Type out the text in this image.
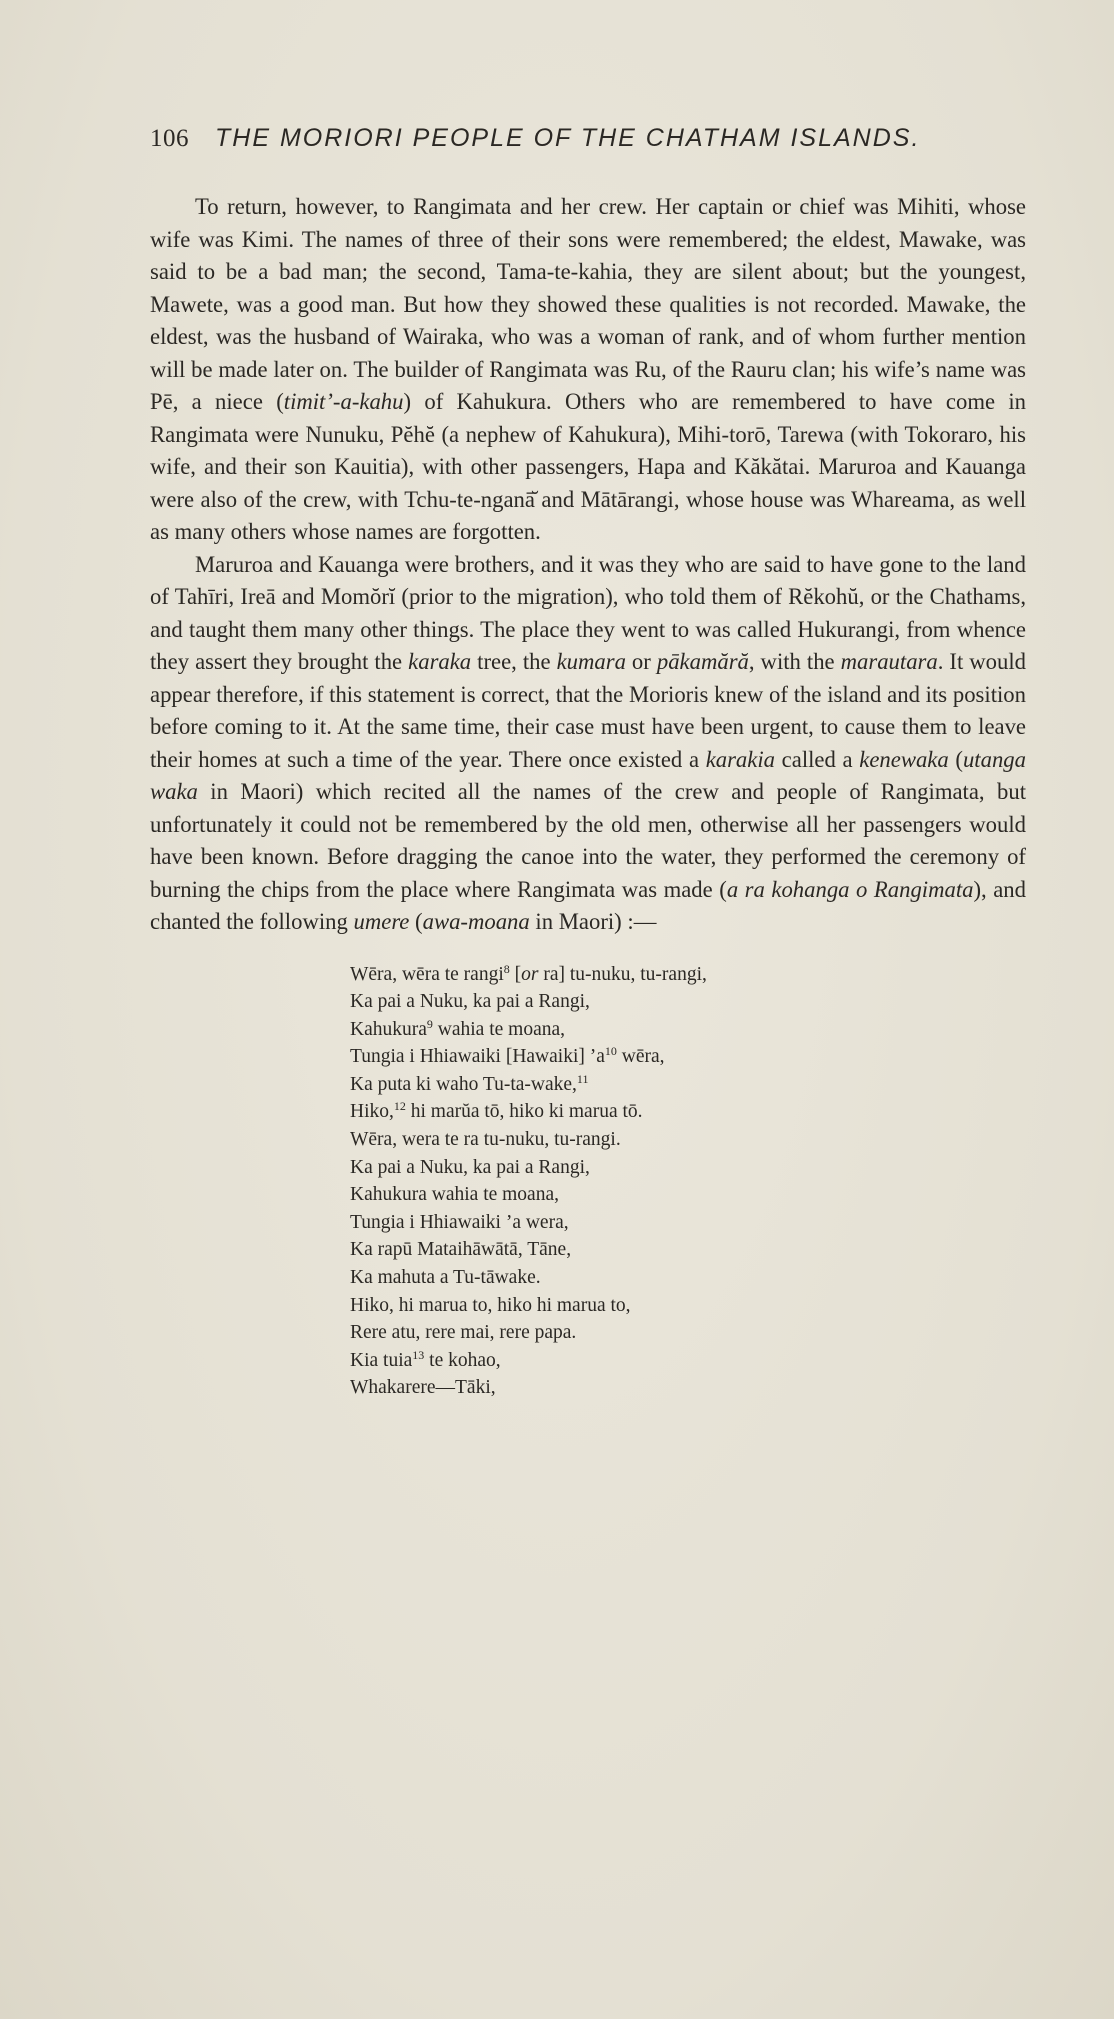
106 THE MORIORI PEOPLE OF THE CHATHAM ISLANDS.

To return, however, to Rangimata and her crew. Her captain or chief was Mihiti, whose wife was Kimi. The names of three of their sons were remembered; the eldest, Mawake, was said to be a bad man; the second, Tama-te-kahia, they are silent about; but the youngest, Mawete, was a good man. But how they showed these qualities is not recorded. Mawake, the eldest, was the husband of Wairaka, who was a woman of rank, and of whom further mention will be made later on. The builder of Rangimata was Ru, of the Rauru clan; his wife’s name was Pē, a niece (timit’-a-kahu) of Kahukura. Others who are remembered to have come in Rangimata were Nunuku, Pĕhĕ (a nephew of Kahukura), Mihi-torō, Tarewa (with Tokoraro, his wife, and their son Kauitia), with other passengers, Hapa and Kăkătai. Maruroa and Kauanga were also of the crew, with Tchu-te-nganā̆ and Mātārangi, whose house was Whareama, as well as many others whose names are forgotten.

Maruroa and Kauanga were brothers, and it was they who are said to have gone to the land of Tahīri, Ireā and Momŏrĭ (prior to the migration), who told them of Rĕkohŭ, or the Chathams, and taught them many other things. The place they went to was called Hukurangi, from whence they assert they brought the karaka tree, the kumara or pākamără, with the marautara. It would appear therefore, if this statement is correct, that the Morioris knew of the island and its position before coming to it. At the same time, their case must have been urgent, to cause them to leave their homes at such a time of the year. There once existed a karakia called a kenewaka (utanga waka in Maori) which recited all the names of the crew and people of Rangimata, but unfortunately it could not be remembered by the old men, otherwise all her passengers would have been known. Before dragging the canoe into the water, they performed the ceremony of burning the chips from the place where Rangimata was made (a ra kohanga o Rangimata), and chanted the following umere (awa-moana in Maori) :—

Wēra, wēra te rangi$^8$ [or ra] tu-nuku, tu-rangi,
Ka pai a Nuku, ka pai a Rangi,
Kahukura$^9$ wahia te moana,
Tungia i Hhiawaiki [Hawaiki] $’a^{10}$ wēra,
Ka puta ki waho Tu-ta-wake,$^{11}$
Hiko,$^{12}$ hi marŭa tō, hiko ki marua tō.
Wēra, wera te ra tu-nuku, tu-rangi.
Ka pai a Nuku, ka pai a Rangi,
Kahukura wahia te moana,
Tungia i Hhiawaiki ’a wera,
Ka rapū Mataihāwātā, Tāne,
Ka mahuta a Tu-tāwake.
Hiko, hi marua to, hiko hi marua to,
Rere atu, rere mai, rere papa.
Kia tuia$^{13}$ te kohao,
Whakarere—Tāki,
